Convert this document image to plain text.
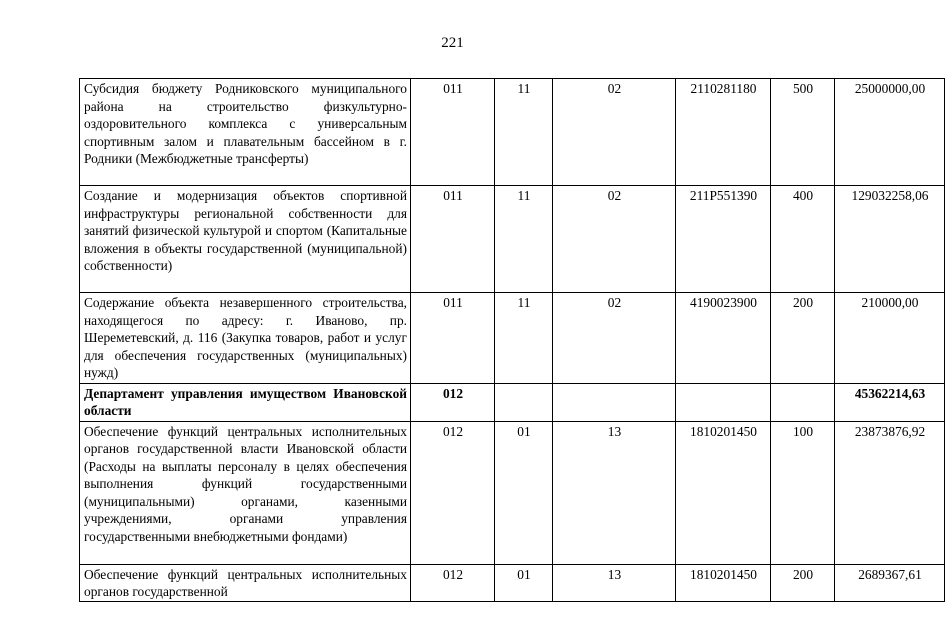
221
Субсидия бюджету Родниковского муниципального района на строительство физкультурно-оздоровительного комплекса с универсальным спортивным залом и плавательным бассейном в г. Родники (Межбюджетные трансферты)	011	11	02	2110281180	500	25000000,00
Создание и модернизация объектов спортивной инфраструктуры региональной собственности для занятий физической культурой и спортом (Капитальные вложения в объекты государственной (муниципальной) собственности)	011	11	02	211P551390	400	129032258,06
Содержание объекта незавершенного строительства, находящегося по адресу: г. Иваново, пр. Шереметевский, д. 116 (Закупка товаров, работ и услуг для обеспечения государственных (муниципальных) нужд)	011	11	02	4190023900	200	210000,00
Департамент управления имуществом Ивановской области	012					45362214,63
Обеспечение функций центральных исполнительных органов государственной власти Ивановской области (Расходы на выплаты персоналу в целях обеспечения выполнения функций государственными (муниципальными) органами, казенными учреждениями, органами управления государственными внебюджетными фондами)	012	01	13	1810201450	100	23873876,92
Обеспечение функций центральных исполнительных органов государственной	012	01	13	1810201450	200	2689367,61
